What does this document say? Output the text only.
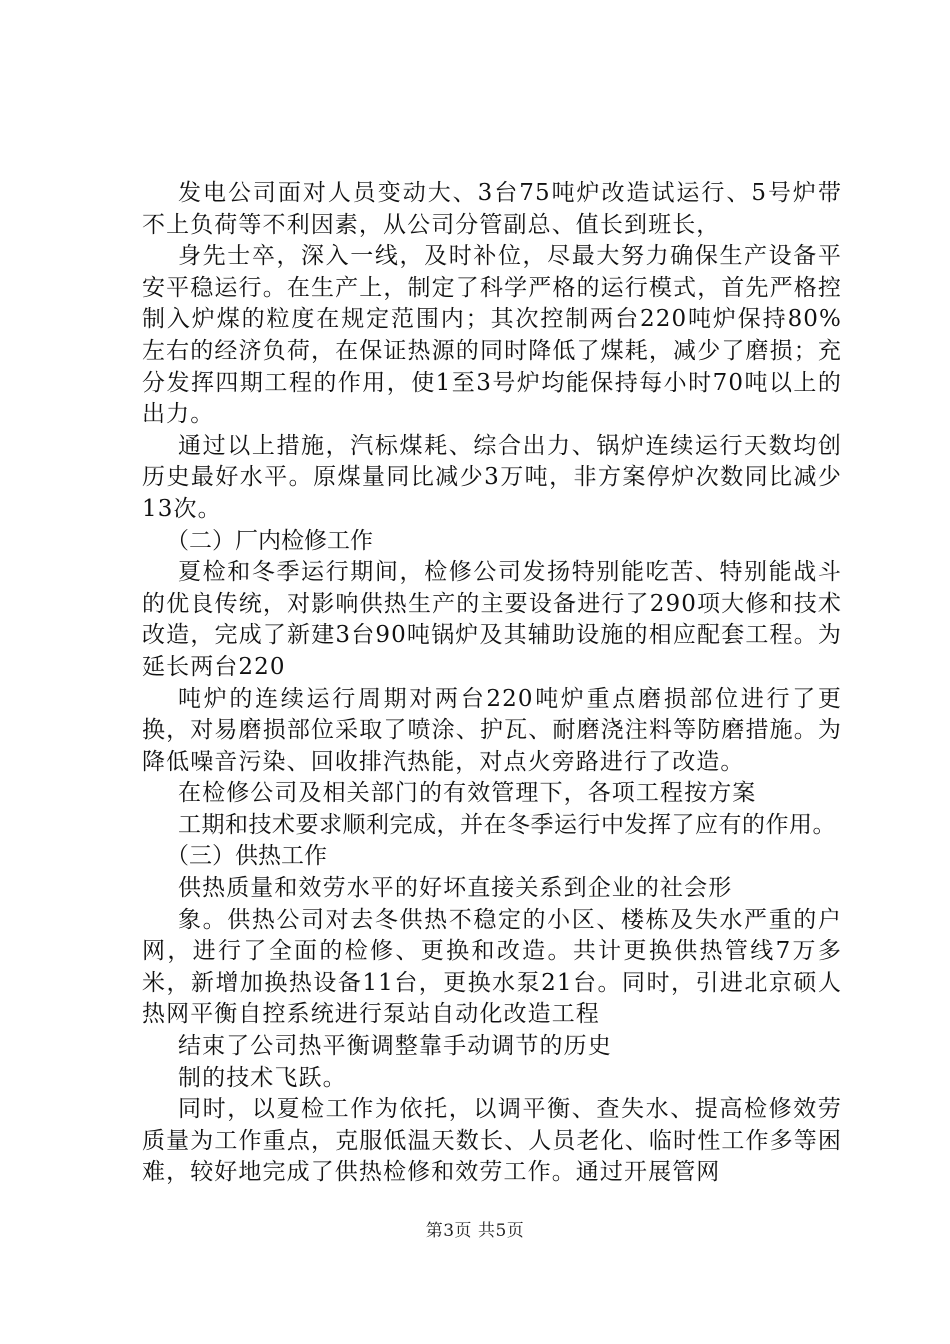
发电公司面对人员变动大、3台75吨炉改造试运行、5号炉带不上负荷等不利因素，从公司分管副总、值长到班长，

身先士卒，深入一线，及时补位，尽最大努力确保生产设备平安平稳运行。在生产上，制定了科学严格的运行模式，首先严格控制入炉煤的粒度在规定范围内；其次控制两台220吨炉保持80%左右的经济负荷，在保证热源的同时降低了煤耗，减少了磨损；充分发挥四期工程的作用，使1至3号炉均能保持每小时70吨以上的出力。

通过以上措施，汽标煤耗、综合出力、锅炉连续运行天数均创历史最好水平。原煤量同比减少3万吨，非方案停炉次数同比减少13次。

（二）厂内检修工作

夏检和冬季运行期间，检修公司发扬特别能吃苦、特别能战斗的优良传统，对影响供热生产的主要设备进行了290项大修和技术改造，完成了新建3台90吨锅炉及其辅助设施的相应配套工程。为延长两台220

吨炉的连续运行周期对两台220吨炉重点磨损部位进行了更换，对易磨损部位采取了喷涂、护瓦、耐磨浇注料等防磨措施。为降低噪音污染、回收排汽热能，对点火旁路进行了改造。

在检修公司及相关部门的有效管理下，各项工程按方案

工期和技术要求顺利完成，并在冬季运行中发挥了应有的作用。

（三）供热工作

供热质量和效劳水平的好坏直接关系到企业的社会形

象。供热公司对去冬供热不稳定的小区、楼栋及失水严重的户网，进行了全面的检修、更换和改造。共计更换供热管线7万多米，新增加换热设备11台，更换水泵21台。同时，引进北京硕人热网平衡自控系统进行泵站自动化改造工程

结束了公司热平衡调整靠手动调节的历史

制的技术飞跃。

同时，以夏检工作为依托，以调平衡、查失水、提高检修效劳质量为工作重点，克服低温天数长、人员老化、临时性工作多等困难，较好地完成了供热检修和效劳工作。通过开展管网

第3页 共5页
